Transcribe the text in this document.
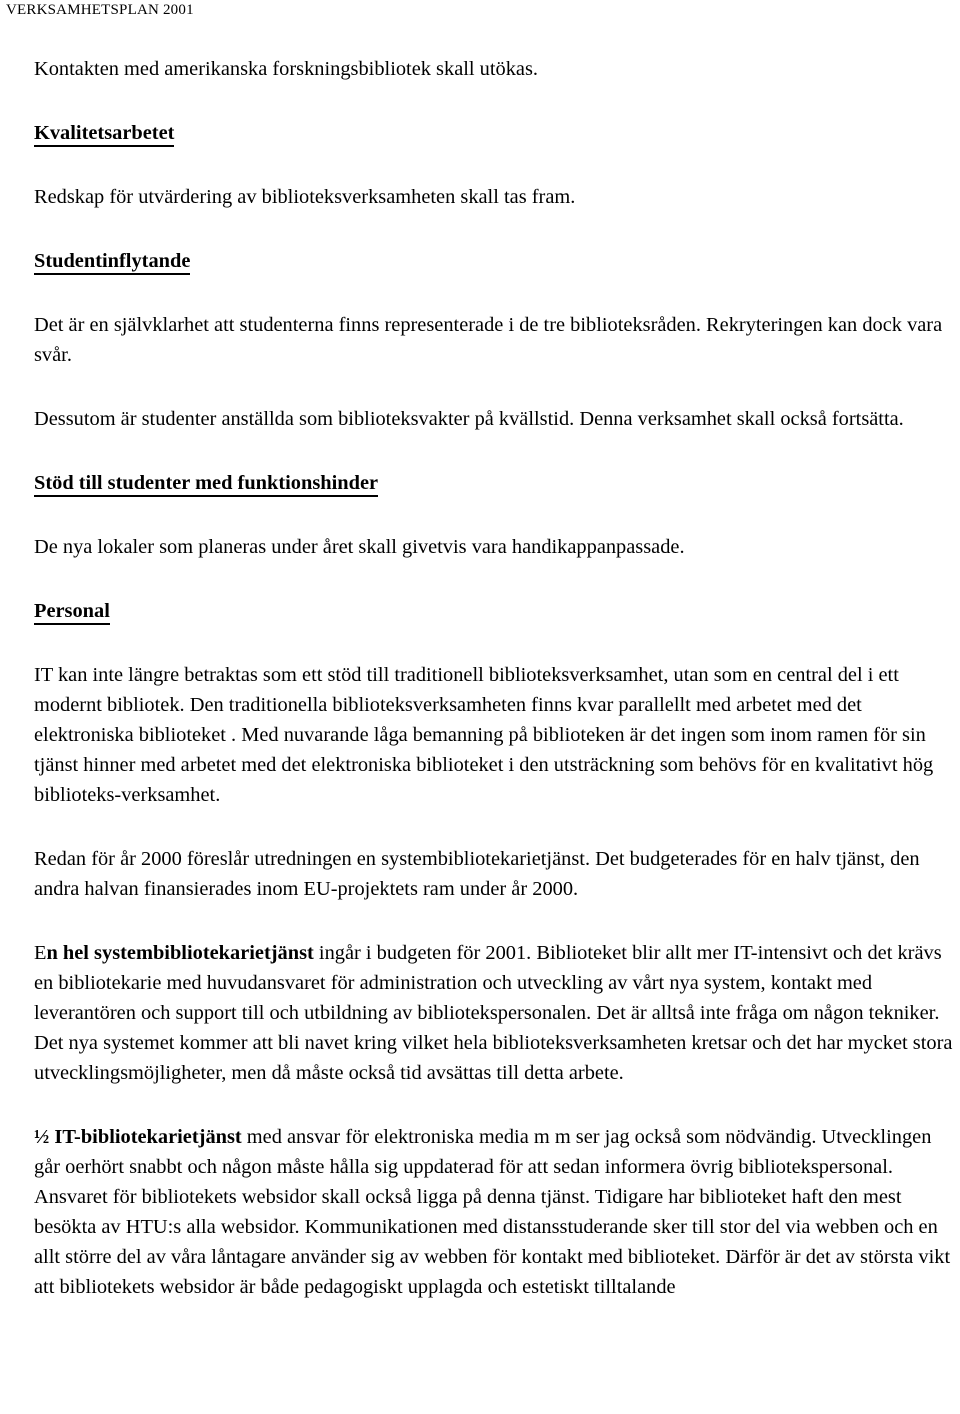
VERKSAMHETSPLAN 2001

Kontakten med amerikanska forskningsbibliotek skall utökas.

Kvalitetsarbetet

Redskap för utvärdering av biblioteksverksamheten skall tas fram.

Studentinflytande

Det är en självklarhet att studenterna finns representerade i de tre biblioteksråden. Rekryteringen kan dock vara svår.

Dessutom är studenter anställda som biblioteksvakter på kvällstid. Denna verksamhet skall också fortsätta.

Stöd till studenter med funktionshinder

De nya lokaler som planeras under året skall givetvis vara handikappanpassade.

Personal

IT kan inte längre betraktas som ett stöd till traditionell biblioteksverksamhet, utan som en central del i ett modernt bibliotek. Den traditionella biblioteksverksamheten finns kvar parallellt med arbetet med det elektroniska biblioteket . Med nuvarande låga bemanning på biblioteken är det ingen som inom ramen för sin tjänst hinner med arbetet med det elektroniska biblioteket i den utsträckning som behövs för en kvalitativt hög biblioteks-verksamhet.

Redan för år 2000 föreslår utredningen en systembibliotekarietjänst. Det budgeterades för en halv tjänst, den andra halvan finansierades inom EU-projektets ram under år 2000.

En hel systembibliotekarietjänst ingår i budgeten för 2001. Biblioteket blir allt mer IT-intensivt och det krävs en bibliotekarie med huvudansvaret för administration och utveckling av vårt nya system, kontakt med leverantören och support till och utbildning av bibliotekspersonalen. Det är alltså inte fråga om någon tekniker. Det nya systemet kommer att bli navet kring vilket hela biblioteksverksamheten kretsar och det har mycket stora utvecklingsmöjligheter, men då måste också tid avsättas till detta arbete.

½ IT-bibliotekarietjänst med ansvar för elektroniska media m m ser jag också som nödvändig. Utvecklingen går oerhört snabbt och någon måste hålla sig uppdaterad för att sedan informera övrig bibliotekspersonal. Ansvaret för bibliotekets websidor skall också ligga på denna tjänst. Tidigare har biblioteket haft den mest besökta av HTU:s alla websidor. Kommunikationen med distansstuderande sker till stor del via webben och en allt större del av våra låntagare använder sig av webben för kontakt med biblioteket. Därför är det av största vikt att bibliotekets websidor är både pedagogiskt upplagda och estetiskt tilltalande
